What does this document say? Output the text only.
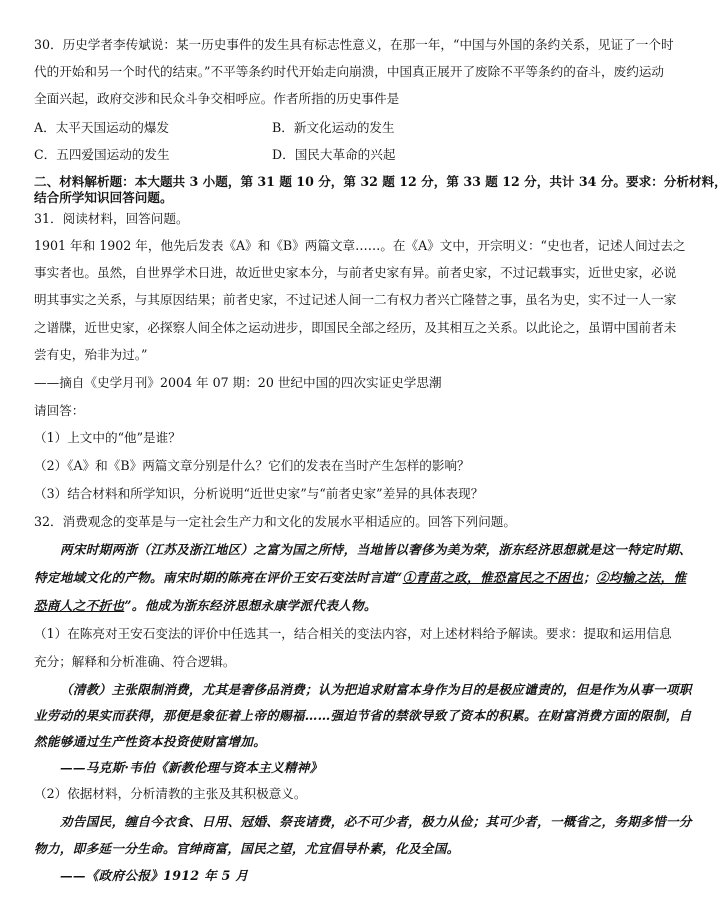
30．历史学者李传斌说：某一历史事件的发生具有标志性意义，在那一年，“中国与外国的条约关系，见证了一个时
代的开始和另一个时代的结束。”不平等条约时代开始走向崩溃，中国真正展开了废除不平等条约的奋斗，废约运动
全面兴起，政府交涉和民众斗争交相呼应。作者所指的历史事件是
A．太平天国运动的爆发	B．新文化运动的发生
C．五四爱国运动的发生	D．国民大革命的兴起
二、材料解析题：本大题共 3 小题，第 31 题 10 分，第 32 题 12 分，第 33 题 12 分，共计 34 分。要求：分析材料，
结合所学知识回答问题。
31．阅读材料，回答问题。
1901 年和 1902 年，他先后发表《A》和《B》两篇文章……。在《A》文中，开宗明义：“史也者，记述人间过去之
事实者也。虽然，自世界学术日进，故近世史家本分，与前者史家有异。前者史家，不过记载事实，近世史家，必说
明其事实之关系，与其原因结果；前者史家，不过记述人间一二有权力者兴亡隆替之事，虽名为史，实不过一人一家
之谱牒，近世史家，必探察人间全体之运动进步，即国民全部之经历，及其相互之关系。以此论之，虽谓中国前者未
尝有史，殆非为过。”
——摘自《史学月刊》2004 年 07 期：20 世纪中国的四次实证史学思潮
请回答：
（1）上文中的“他”是谁？
（2）《A》和《B》两篇文章分别是什么？它们的发表在当时产生怎样的影响？
（3）结合材料和所学知识，分析说明“近世史家”与“前者史家”差异的具体表现？
32．消费观念的变革是与一定社会生产力和文化的发展水平相适应的。回答下列问题。
两宋时期两浙（江苏及浙江地区）之富为国之所恃，当地皆以奢侈为美为荣，浙东经济思想就是这一特定时期、
特定地域文化的产物。南宋时期的陈亮在评价王安石变法时言道“①青苗之政，惟恐富民之不困也；②均输之法，惟
恐商人之不折也”。他成为浙东经济思想永康学派代表人物。
（1）在陈亮对王安石变法的评价中任选其一，结合相关的变法内容，对上述材料给予解读。要求：提取和运用信息
充分；解释和分析准确、符合逻辑。
（清教）主张限制消费，尤其是奢侈品消费；认为把追求财富本身作为目的是极应谴责的，但是作为从事一项职
业劳动的果实而获得，那便是象征着上帝的赐福……强迫节省的禁欲导致了资本的积累。在财富消费方面的限制，自
然能够通过生产性资本投资使财富增加。
——马克斯·韦伯《新教伦理与资本主义精神》
（2）依据材料，分析清教的主张及其积极意义。
劝告国民，缠自今衣食、日用、冠婚、祭丧诸费，必不可少者，极力从俭；其可少者，一概省之，务期多惜一分
物力，即多延一分生命。官绅商富，国民之望，尤宜倡导朴素，化及全国。
——《政府公报》1912 年 5 月
